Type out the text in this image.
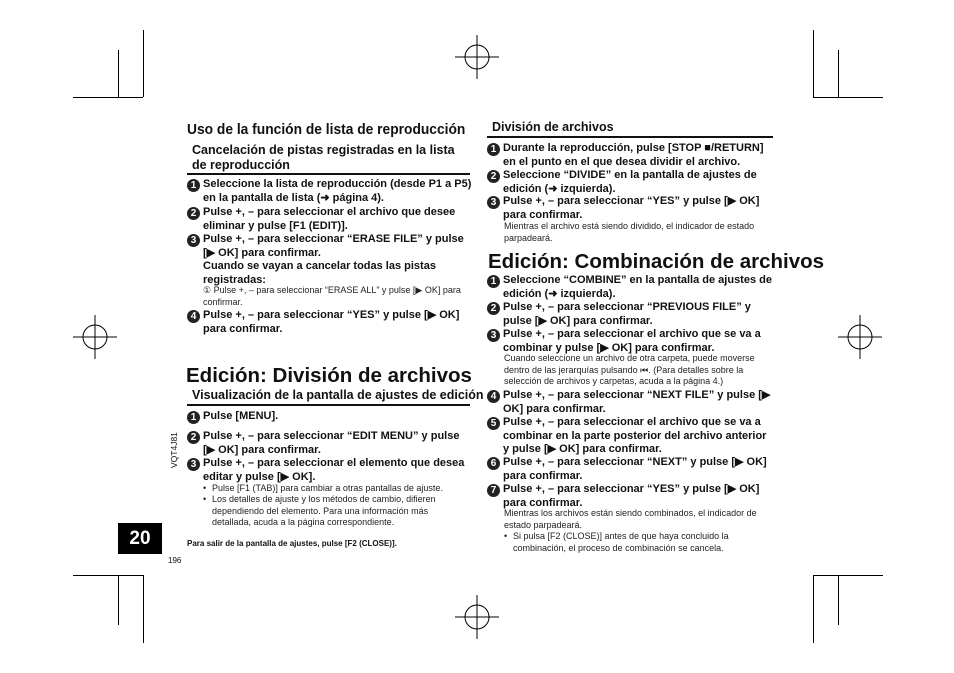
Uso de la función de lista de reproducción
Cancelación de pistas registradas en la lista de reproducción
1 Seleccione la lista de reproducción (desde P1 a P5) en la pantalla de lista (➜ página 4).
2 Pulse +, – para seleccionar el archivo que desee eliminar y pulse [F1 (EDIT)].
3 Pulse +, – para seleccionar “ERASE FILE” y pulse [▶ OK] para confirmar.
Cuando se vayan a cancelar todas las pistas registradas:
① Pulse +, – para seleccionar “ERASE ALL” y pulse [▶ OK] para confirmar.
4 Pulse +, – para seleccionar “YES” y pulse [▶ OK] para confirmar.
Edición: División de archivos
Visualización de la pantalla de ajustes de edición
1 Pulse [MENU].
2 Pulse +, – para seleccionar “EDIT MENU” y pulse [▶ OK] para confirmar.
3 Pulse +, – para seleccionar el elemento que desea editar y pulse [▶ OK].
• Pulse [F1 (TAB)] para cambiar a otras pantallas de ajuste.
• Los detalles de ajuste y los métodos de cambio, difieren dependiendo del elemento. Para una información más detallada, acuda a la página correspondiente.
Para salir de la pantalla de ajustes, pulse [F2 (CLOSE)].
VQT4J81
20
196
División de archivos
1 Durante la reproducción, pulse [STOP ■/RETURN] en el punto en el que desea dividir el archivo.
2 Seleccione “DIVIDE” en la pantalla de ajustes de edición (➜ izquierda).
3 Pulse +, – para seleccionar “YES” y pulse [▶ OK] para confirmar.
Mientras el archivo está siendo dividido, el indicador de estado parpadeará.
Edición: Combinación de archivos
1 Seleccione “COMBINE” en la pantalla de ajustes de edición (➜ izquierda).
2 Pulse +, – para seleccionar “PREVIOUS FILE” y pulse [▶ OK] para confirmar.
3 Pulse +, – para seleccionar el archivo que se va a combinar y pulse [▶ OK] para confirmar.
Cuando seleccione un archivo de otra carpeta, puede moverse dentro de las jerarquías pulsando ⏮. (Para detalles sobre la selección de archivos y carpetas, acuda a la página 4.)
4 Pulse +, – para seleccionar “NEXT FILE” y pulse [▶ OK] para confirmar.
5 Pulse +, – para seleccionar el archivo que se va a combinar en la parte posterior del archivo anterior y pulse [▶ OK] para confirmar.
6 Pulse +, – para seleccionar “NEXT” y pulse [▶ OK] para confirmar.
7 Pulse +, – para seleccionar “YES” y pulse [▶ OK] para confirmar.
Mientras los archivos están siendo combinados, el indicador de estado parpadeará.
• Si pulsa [F2 (CLOSE)] antes de que haya concluido la combinación, el proceso de combinación se cancela.
